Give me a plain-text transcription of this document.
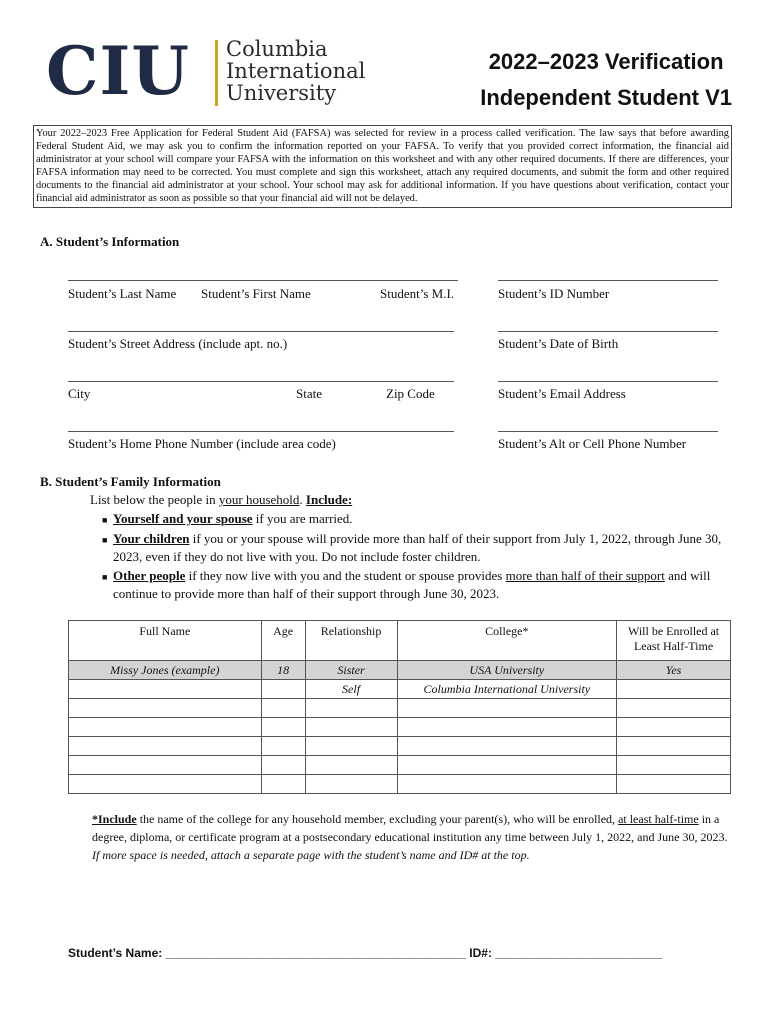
CIU Columbia
International
University
2022–2023 Verification
Independent Student V1
Your 2022–2023 Free Application for Federal Student Aid (FAFSA) was selected for review in a process called verification. The law says that before awarding Federal Student Aid, we may ask you to confirm the information reported on your FAFSA. To verify that you provided correct information, the financial aid administrator at your school will compare your FAFSA with the information on this worksheet and with any other required documents. If there are differences, your FAFSA information may need to be corrected. You must complete and sign this worksheet, attach any required documents, and submit the form and other required documents to the financial aid administrator at your school. Your school may ask for additional information. If you have questions about verification, contact your financial aid administrator as soon as possible so that your financial aid will not be delayed.
A. Student’s Information
Student’s Last Name Student’s First Name	Student’s M.I.	Student’s ID Number
Student’s Street Address (include apt. no.)	Student’s Date of Birth
City	State	Zip Code	Student’s Email Address
Student’s Home Phone Number (include area code)	Student’s Alt or Cell Phone Number
B. Student’s Family Information
List below the people in your household. Include:
■ Yourself and your spouse if you are married.
■ Your children if you or your spouse will provide more than half of their support from July 1, 2022, through June 30, 2023, even if they do not live with you. Do not include foster children.
■ Other people if they now live with you and the student or spouse provides more than half of their support and will continue to provide more than half of their support through June 30, 2023.
Full Name	Age	Relationship	College*	Will be Enrolled at Least Half-Time
Missy Jones (example)	18	Sister	USA University	Yes
		Self	Columbia International University	

*Include the name of the college for any household member, excluding your parent(s), who will be enrolled, at least half-time in a degree, diploma, or certificate program at a postsecondary educational institution any time between July 1, 2022, and June 30, 2023. If more space is needed, attach a separate page with the student’s name and ID# at the top.
Student’s Name: _____________________________________________ ID#: _________________________
